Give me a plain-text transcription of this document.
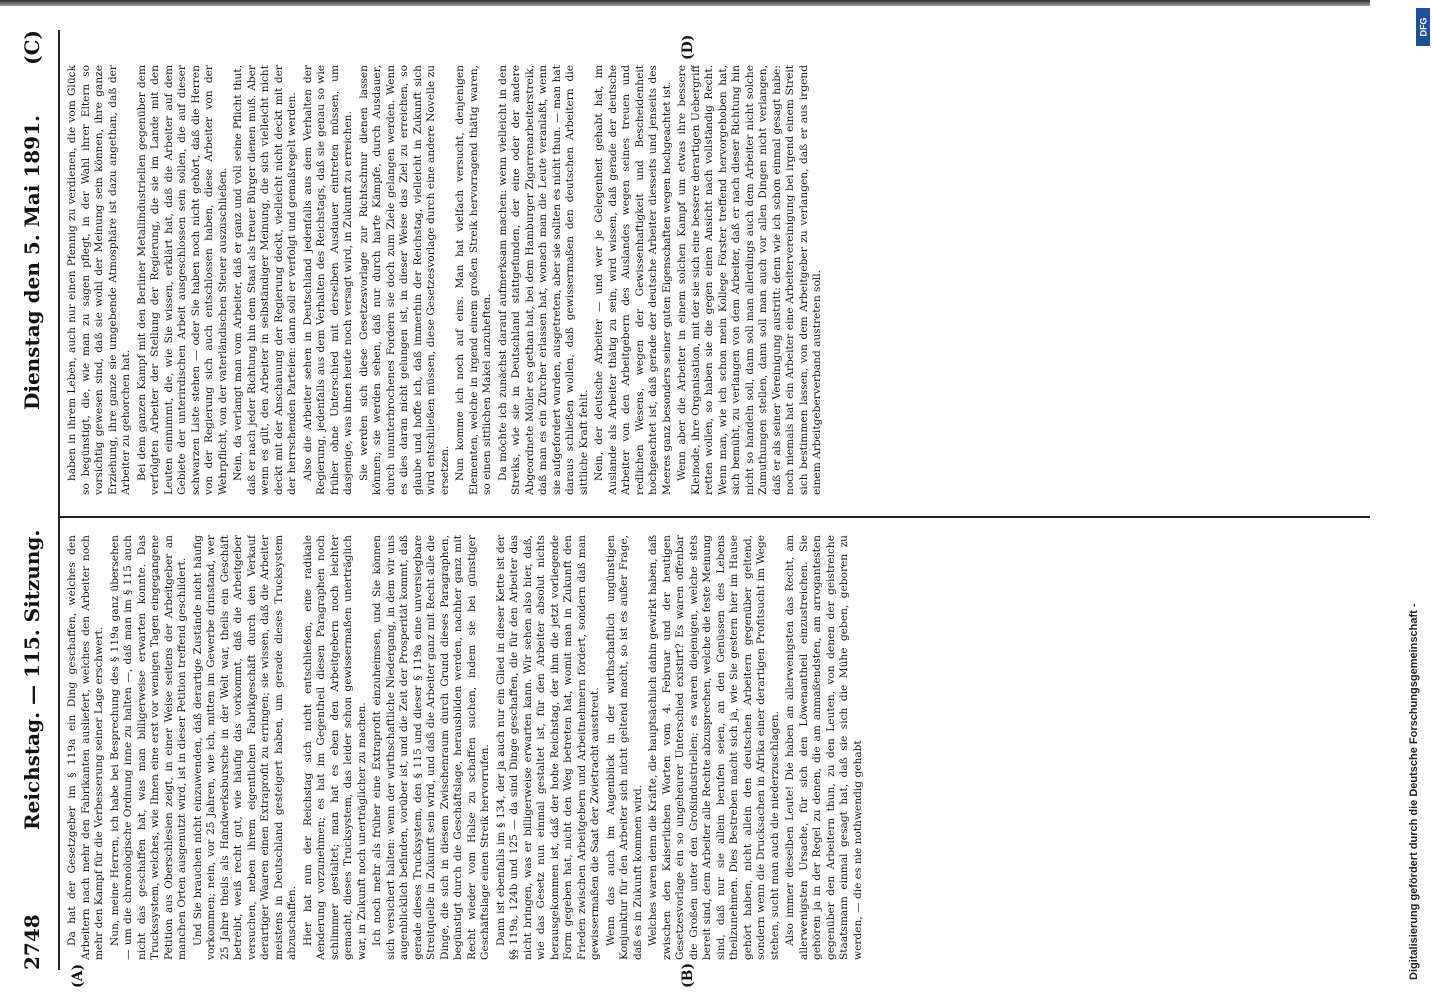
2748
Reichstag. — 115. Sitzung.
Dienstag den 5. Mai 1891.
(C)
(A)	(B)
(D)

Da hat der Gesetzgeber im § 119a ein Ding geschaffen, welches den Arbeitern nach mehr den Fabrikanten ausliefert, welches den Arbeiter noch mehr den Kampf für die Verbesserung seiner Lage erschwert. Nun, meine Herren, ich habe bei Besprechung des § 119a ganz übersehen — um die chronologische Ordnung inne zu halten —, daß man im § 115 auch nicht das geschaffen hat, was man billigerweise erwarten konnte. Das Truckssystem, welches, wie Ihnen eine erst vor wenigen Tagen eingegangene Petition aus Oberschlesien zeigt, in einer Weise seitens der Arbeitgeber an manchen Orten ausgenutzt wird, ist in dieser Petition treffend geschildert. Und Sie brauchen nicht einzuwenden, daß derartige Zustände nicht häufig vorkommen; nein, vor 25 Jahren, wie ich, mitten im Gewerbe drinstand, wer 25 Jahre theils als Handwerksbursche in der Welt war, theils ein Geschäft betreibt, weiß recht gut, wie häufig das vorkommt, daß die Arbeitgeber versuchen, neben ihrem eigentlichen Fabrikgeschäft durch den Verkauf derartiger Waaren einen Extraprofit zu erringen; sie wissen, daß die Arbeiter meistens in Deutschland gesteigert haben, um gerade dieses Trucksystem abzuschaffen. Hier hat nun der Reichstag sich nicht entschließen, eine radikale Aenderung vorzunehmen; es hat im Gegentheil diesen Paragraphen noch schlimmer gestaltet; man hat es eben den Arbeitgebern noch leichter gemacht, dieses Trucksystem, das leider schon gewissermaßen unerträglich war, in Zukunft noch unerträglicher zu machen. Ich noch mehr als früher eine Extraprofit einzuheimsen, und Sie können sich versichert halten: wenn der wirthschaftliche Niedergang, in dem wir uns augenblicklich befinden, vorüber ist, und die Zeit der Prosperität kommt, daß gerade dieses Trucksystem, den § 115 und dieser § 119a eine unversiegbare Streitquelle in Zukunft sein wird, und daß die Arbeiter ganz mit Recht alle die Dinge, die sich in diesem Zwischenraum durch Grund dieses Paragraphen, begünstigt durch die Geschäftslage, herausbilden werden, nachher ganz mit Recht wieder vom Halse zu schaffen suchen, indem sie bei günstiger Geschäftslage einen Streik hervorrufen. Dann ist ebenfalls im § 134, der ja auch nur ein Glied in dieser Kette ist der §§ 119a, 124b und 125 — da sind Dinge geschaffen, die für den Arbeiter das nicht bringen, was er billigerweise erwarten kann. Wir sehen also hier, daß, wie das Gesetz nun einmal gestaltet ist, für den Arbeiter absolut nichts herausgekommen ist, daß der hohe Reichstag, der ihm die jetzt vorliegende Form gegeben hat, nicht den Weg betreten hat, womit man in Zukunft den Frieden zwischen Arbeitgebern und Arbeitnehmern fördert, sondern daß man gewissermaßen die Saat der Zwietracht ausstreut. Wenn das auch im Augenblick in der wirthschaftlich ungünstigen Konjunktur für den Arbeiter sich nicht geltend macht, so ist es außer Frage, daß es in Zukunft kommen wird. Welches waren denn die Kräfte, die hauptsächlich dahin gewirkt haben, daß zwischen den Kaiserlichen Worten vom 4. Februar und der heutigen Gesetzesvorlage ein so ungeheurer Unterschied existirt? Es waren offenbar die Großen unter den Großindustriellen; es waren diejenigen, welche stets bereit sind, dem Arbeiter alle Rechte abzusprechen, welche die feste Meinung sind, daß nur sie allein berufen seien, an den Genüssen des Lebens theilzunehmen. Dies Bestreben macht sich ja, wie Sie gestern hier im Hause gehört haben, nicht allein den deutschen Arbeitern gegenüber geltend, sondern wenn die Drucksachen in Afrika einer derartigen Profitsucht im Wege stehen, sucht man auch die niederzuschlagen. Also immer dieselben Leute! Die haben an allerwenigsten das Recht, am allerwenigsten Ursache, für sich den Löwenantheil einzustreichen. Sie gehören ja in der Regel zu denen, die am anmaßendsten, am arrogantesten gegenüber den Arbeitern thun, zu den Leuten, von denen der geistreiche Staatsmann einmal gesagt hat, daß sie sich die Mühe geben, geboren zu werden, — die es nie nothwendig gehabt

haben in ihrem Leben, auch nur einen Pfennig zu verdienen, die vom Glück so begünstigt, die, wie man zu sagen pflegt, in der Wahl ihrer Eltern so vorsichtig gewesen sind, daß sie wohl der Meinung sein können, ihre ganze Erziehung, ihre ganze sie umgebende Atmosphäre ist dazu angethan, daß der Arbeiter zu gehorchen hat. Bei dem ganzen Kampf mit den Berliner Metallindustriellen gegenüber dem verfolgten Arbeiter der Stellung der Regierung, die sie im Lande mit den Leuten einnimmt, die, wie Sie wissen, erklärt hat, daß die Arbeiter auf dem Gebiete der unterirdischen Arbeit ausgeschlossen sein sollen, die auf dieser schwarzen Liste stehen — oder Sie haben noch nicht gehört, daß die Herren von der Regierung sich auch entschlossen haben, diese Arbeiter von der Wehrpflicht, von der vaterländischen Steuer auszuschließen. Nein, da verlangt man vom Arbeiter, daß er ganz und voll seine Pflicht thut, daß er nach jeder Richtung hin dem Staat als treuer Bürger dienen muß. Aber wenn es gilt, den Arbeiter in selbständiger Meinung, die sich vielleicht nicht deckt mit der Anschauung der Regierung deckt, vielleicht nicht deckt mit der der herrschenden Parteien: dann soll er verfolgt und gemaßregelt werden. Also die Arbeiter sehen in Deutschland jedenfalls aus dem Verhalten der Regierung, jedenfalls aus dem Verhalten des Reichstags, daß sie genau so wie früher ohne Unterschied mit derselben Ausdauer eintreten müssen, um dasjenige, was ihnen heute noch versagt wird, in Zukunft zu erreichen. Sie werden sich diese Gesetzesvorlage zur Richtschnur dienen lassen können; sie werden sehen, daß nur durch harte Kämpfe, durch Ausdauer, durch ununterbrochenes Fordern sie doch zum Ziele gelangen werden. Wenn es dies daran nicht gelungen ist, in dieser Weise das Ziel zu erreichen, so glaube und hoffe ich, daß immerhin der Reichstag, vielleicht in Zukunft sich wird entschließen müssen, diese Gesetzesvorlage durch eine andere Novelle zu ersetzen. Nun komme ich noch auf eins. Man hat vielfach versucht, denjenigen Elementen, welche in irgend einem großen Streik hervorragend thätig waren, so einen sittlichen Makel anzuheften. Da möchte ich zunächst darauf aufmerksam machen: wenn vielleicht in den Streiks, wie sie in Deutschland stattgefunden, der eine oder der andere Abgeordnete Möller es gethan hat, bei dem Hamburger Zigarrenarbeiterstreik, daß man es ein Zürcher erlassen hat, wonach man die Leute veranlaßt, wenn sie aufgefordert wurden, ausgetreten, aber sie sollten es nicht thun. — man hat daraus schließen wollen, daß gewissermaßen den deutschen Arbeitern die sittliche Kraft fehlt. Nein, der deutsche Arbeiter — und wer je Gelegenheit gehabt hat, im Auslande als Arbeiter thätig zu sein, wird wissen, daß gerade der deutsche Arbeiter von den Arbeitgebern des Auslandes wegen seines treuen und redlichen Wesens, wegen der Gewissenhaftigkeit und Bescheidenheit hochgeachtet ist, daß gerade der deutsche Arbeiter diesseits und jenseits des Meeres ganz besonders seiner guten Eigenschaften wegen hochgeachtet ist. Wenn aber die Arbeiter in einem solchen Kampf um etwas ihre bessere Kleinode, ihre Organisation, mit der sie sich eine bessere derartigen Uebergriff retten wollen, so haben sie die gegen einen Ansicht nach vollständig Recht. Wenn man, wie ich schon mein Kollege Förster treffend hervorgehoben hat, sich bemüht, zu verlangen von dem Arbeiter, daß er nach dieser Richtung hin nicht so handeln soll, dann soll man allerdings auch dem Arbeiter nicht solche Zumuthungen stellen, dann soll man auch vor allen Dingen nicht verlangen, daß er als seiner Vereinigung austritt: denn wie ich schon einmal gesagt habe: noch niemals hat ein Arbeiter eine Arbeitervereinigung bei irgend einem Streit sich bestimmen lassen, von dem Arbeitgeber zu verlangen, daß er aus irgend einem Arbeitgeberverband austreten soll.

DFG
Digitalisierung gefördert durch die Deutsche Forschungsgemeinschaft -
